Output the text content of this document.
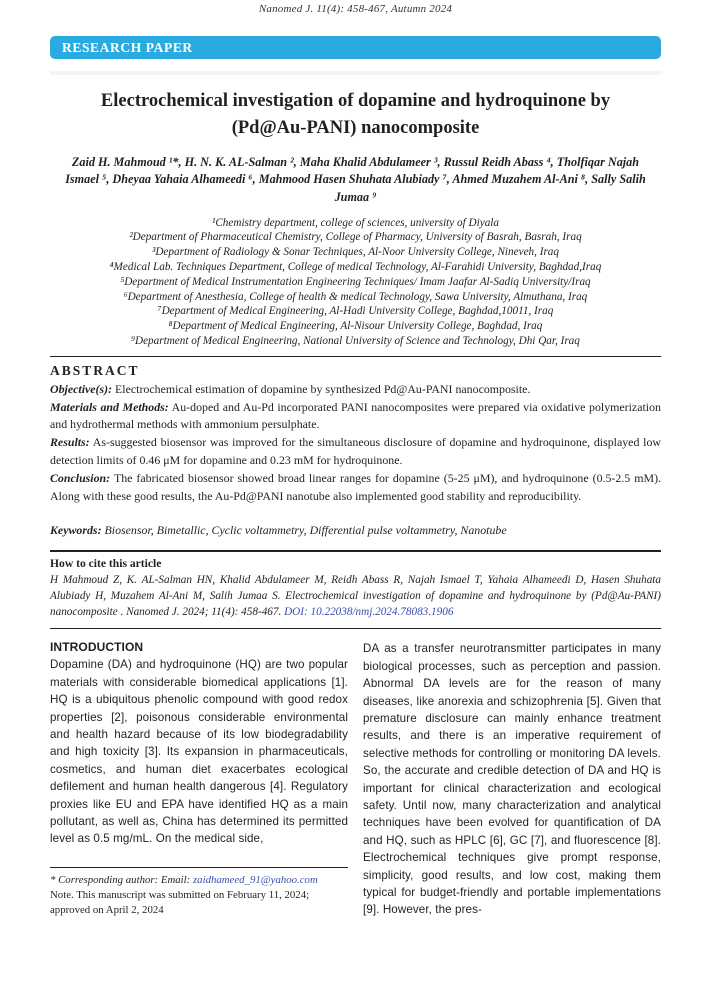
Nanomed J. 11(4): 458-467, Autumn 2024
RESEARCH PAPER
Electrochemical investigation of dopamine and hydroquinone by (Pd@Au-PANI) nanocomposite
Zaid H. Mahmoud ¹*, H. N. K. AL-Salman ², Maha Khalid Abdulameer ³, Russul Reidh Abass ⁴, Tholfiqar Najah Ismael ⁵, Dheyaa Yahaia Alhameedi ⁶, Mahmood Hasen Shuhata Alubiady ⁷, Ahmed Muzahem Al-Ani ⁸, Sally Salih Jumaa ⁹
¹Chemistry department, college of sciences, university of Diyala
²Department of Pharmaceutical Chemistry, College of Pharmacy, University of Basrah, Basrah, Iraq
³Department of Radiology & Sonar Techniques, Al-Noor University College, Nineveh, Iraq
⁴Medical Lab. Techniques Department, College of medical Technology, Al-Farahidi University, Baghdad,Iraq
⁵Department of Medical Instrumentation Engineering Techniques/ Imam Jaafar Al-Sadiq University/Iraq
⁶Department of Anesthesia, College of health & medical Technology, Sawa University, Almuthana, Iraq
⁷Department of Medical Engineering, Al-Hadi University College, Baghdad,10011, Iraq
⁸Department of Medical Engineering, Al-Nisour University College, Baghdad, Iraq
⁹Department of Medical Engineering, National University of Science and Technology, Dhi Qar, Iraq
ABSTRACT

Objective(s): Electrochemical estimation of dopamine by synthesized Pd@Au-PANI nanocomposite.

Materials and Methods: Au-doped and Au-Pd incorporated PANI nanocomposites were prepared via oxidative polymerization and hydrothermal methods with ammonium persulphate.

Results: As-suggested biosensor was improved for the simultaneous disclosure of dopamine and hydroquinone, displayed low detection limits of 0.46 μM for dopamine and 0.23 mM for hydroquinone.

Conclusion: The fabricated biosensor showed broad linear ranges for dopamine (5-25 μM), and hydroquinone (0.5-2.5 mM). Along with these good results, the Au-Pd@PANI nanotube also implemented good stability and reproducibility.

Keywords: Biosensor, Bimetallic, Cyclic voltammetry, Differential pulse voltammetry, Nanotube
How to cite this article
H Mahmoud Z, K. AL-Salman HN, Khalid Abdulameer M, Reidh Abass R, Najah Ismael T, Yahaia Alhameedi D, Hasen Shuhata Alubiady H, Muzahem Al-Ani M, Salih Jumaa S. Electrochemical investigation of dopamine and hydroquinone by (Pd@Au-PANI) nanocomposite . Nanomed J. 2024; 11(4): 458-467. DOI: 10.22038/nmj.2024.78083.1906
INTRODUCTION
Dopamine (DA) and hydroquinone (HQ) are two popular materials with considerable biomedical applications [1]. HQ is a ubiquitous phenolic compound with good redox properties [2], poisonous considerable environmental and health hazard because of its low biodegradability and high toxicity [3]. Its expansion in pharmaceuticals, cosmetics, and human diet exacerbates ecological defilement and human health dangerous [4]. Regulatory proxies like EU and EPA have identified HQ as a main pollutant, as well as, China has determined its permitted level as 0.5 mg/mL. On the medical side,
* Corresponding author: Email: zaidhameed_91@yahoo.com
Note. This manuscript was submitted on February 11, 2024; approved on April 2, 2024
DA as a transfer neurotransmitter participates in many biological processes, such as perception and passion. Abnormal DA levels are for the reason of many diseases, like anorexia and schizophrenia [5]. Given that premature disclosure can mainly enhance treatment results, and there is an imperative requirement of selective methods for controlling or monitoring DA levels. So, the accurate and credible detection of DA and HQ is important for clinical characterization and ecological safety. Until now, many characterization and analytical techniques have been evolved for quantification of DA and HQ, such as HPLC [6], GC [7], and fluorescence [8]. Electrochemical techniques give prompt response, simplicity, good results, and low cost, making them typical for budget-friendly and portable implementations [9]. However, the pres-
